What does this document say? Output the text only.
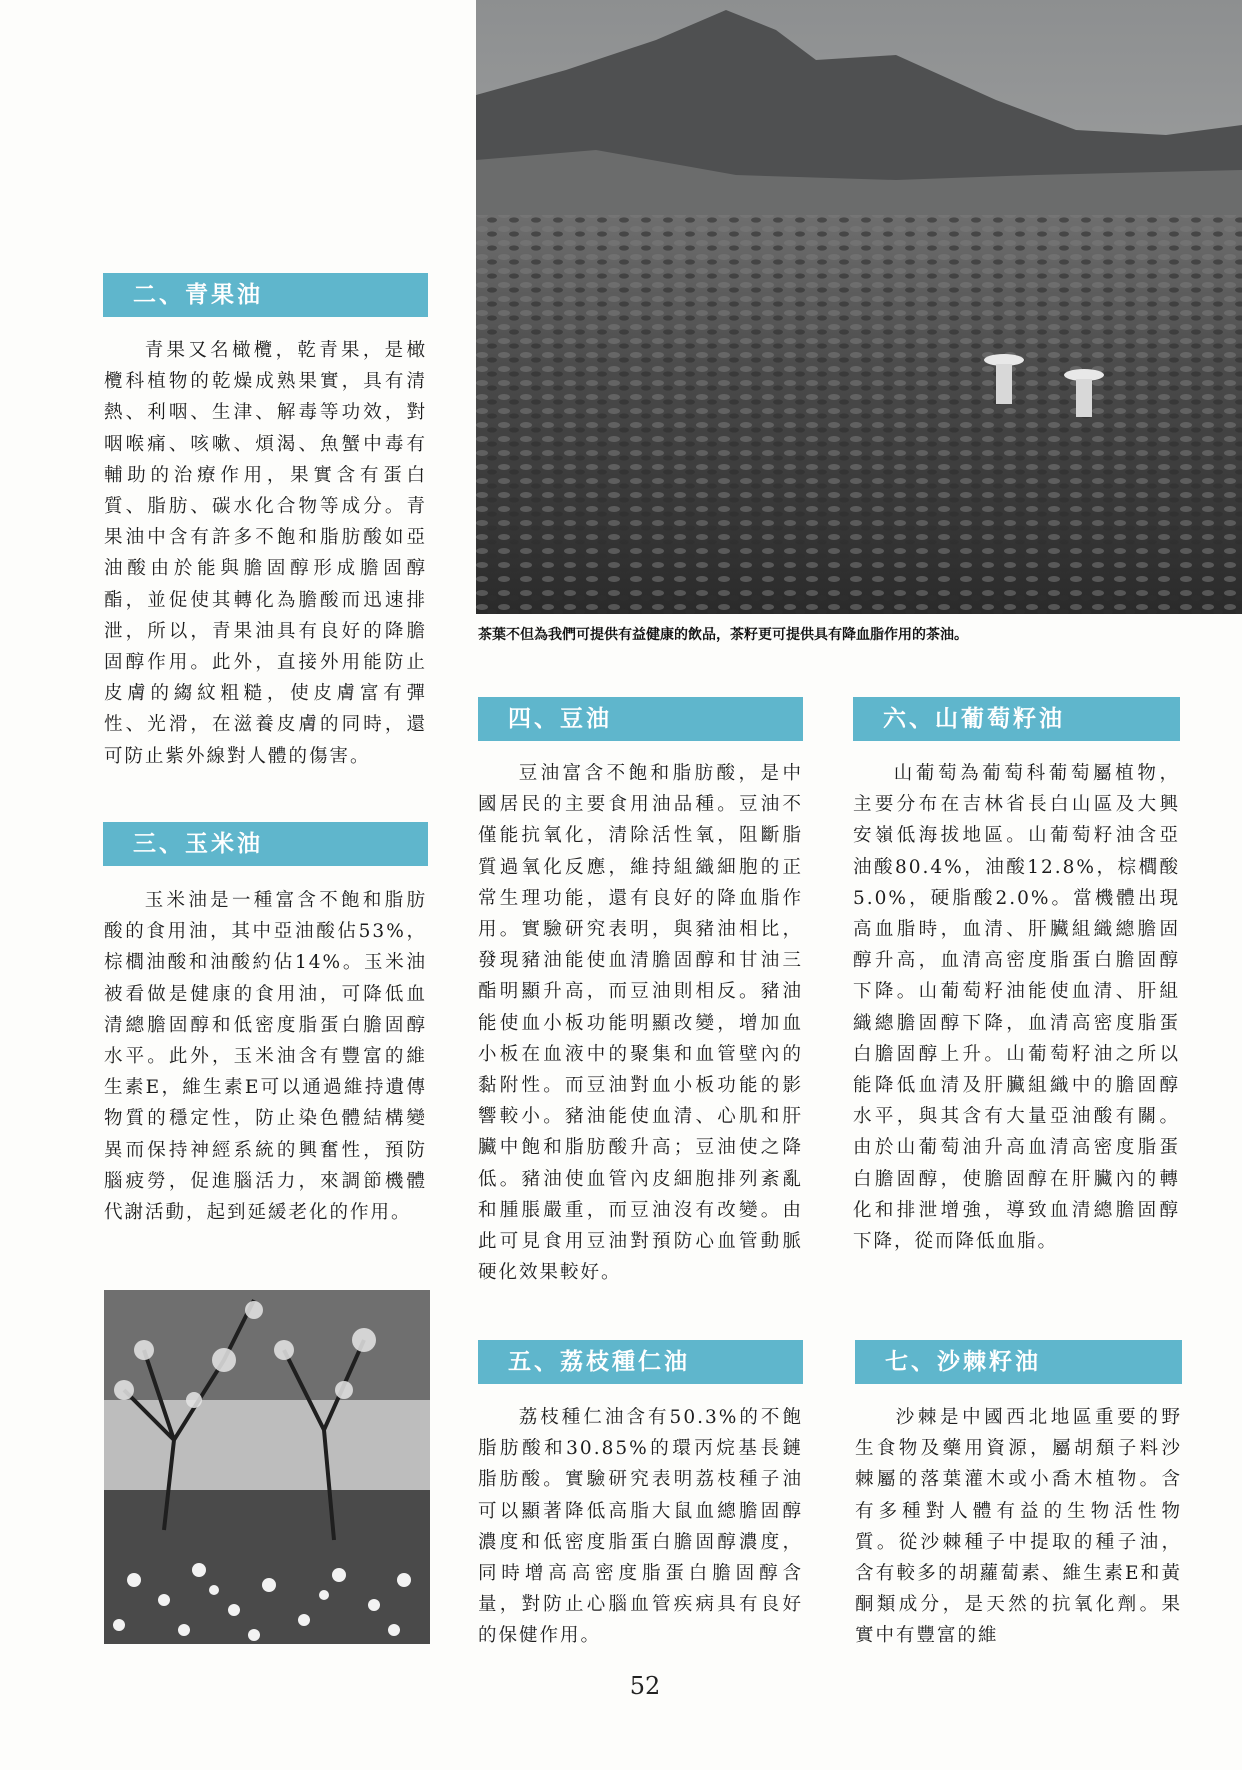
茶葉不但為我們可提供有益健康的飲品，茶籽更可提供具有降血脂作用的茶油。
二、青果油

青果又名橄欖，乾青果，是橄欖科植物的乾燥成熟果實，具有清熱、利咽、生津、解毒等功效，對咽喉痛、咳嗽、煩渴、魚蟹中毒有輔助的治療作用，果實含有蛋白質、脂肪、碳水化合物等成分。青果油中含有許多不飽和脂肪酸如亞油酸由於能與膽固醇形成膽固醇酯，並促使其轉化為膽酸而迅速排泄，所以，青果油具有良好的降膽固醇作用。此外，直接外用能防止皮膚的縐紋粗糙，使皮膚富有彈性、光滑，在滋養皮膚的同時，還可防止紫外線對人體的傷害。

三、玉米油

玉米油是一種富含不飽和脂肪酸的食用油，其中亞油酸佔53%，棕櫚油酸和油酸約佔14%。玉米油被看做是健康的食用油，可降低血清總膽固醇和低密度脂蛋白膽固醇水平。此外，玉米油含有豐富的維生素E，維生素E可以通過維持遺傳物質的穩定性，防止染色體結構變異而保持神經系統的興奮性，預防腦疲勞，促進腦活力，來調節機體代謝活動，起到延緩老化的作用。

四、豆油

豆油富含不飽和脂肪酸，是中國居民的主要食用油品種。豆油不僅能抗氧化，清除活性氧，阻斷脂質過氧化反應，維持組織細胞的正常生理功能，還有良好的降血脂作用。實驗研究表明，與豬油相比，發現豬油能使血清膽固醇和甘油三酯明顯升高，而豆油則相反。豬油能使血小板功能明顯改變，增加血小板在血液中的聚集和血管壁內的黏附性。而豆油對血小板功能的影響較小。豬油能使血清、心肌和肝臟中飽和脂肪酸升高；豆油使之降低。豬油使血管內皮細胞排列紊亂和腫脹嚴重，而豆油沒有改變。由此可見食用豆油對預防心血管動脈硬化效果較好。

五、荔枝種仁油

荔枝種仁油含有50.3%的不飽脂肪酸和30.85%的環丙烷基長鏈脂肪酸。實驗研究表明荔枝種子油可以顯著降低高脂大鼠血總膽固醇濃度和低密度脂蛋白膽固醇濃度，同時增高高密度脂蛋白膽固醇含量，對防止心腦血管疾病具有良好的保健作用。

六、山葡萄籽油

山葡萄為葡萄科葡萄屬植物，主要分布在吉林省長白山區及大興安嶺低海拔地區。山葡萄籽油含亞油酸80.4%，油酸12.8%，棕櫚酸5.0%，硬脂酸2.0%。當機體出現高血脂時，血清、肝臟組織總膽固醇升高，血清高密度脂蛋白膽固醇下降。山葡萄籽油能使血清、肝組織總膽固醇下降，血清高密度脂蛋白膽固醇上升。山葡萄籽油之所以能降低血清及肝臟組織中的膽固醇水平，與其含有大量亞油酸有關。由於山葡萄油升高血清高密度脂蛋白膽固醇，使膽固醇在肝臟內的轉化和排泄增強，導致血清總膽固醇下降，從而降低血脂。

七、沙棘籽油

沙棘是中國西北地區重要的野生食物及藥用資源，屬胡頹子料沙棘屬的落葉灌木或小喬木植物。含有多種對人體有益的生物活性物質。從沙棘種子中提取的種子油，含有較多的胡蘿蔔素、維生素E和黃酮類成分，是天然的抗氧化劑。果實中有豐富的維

52
